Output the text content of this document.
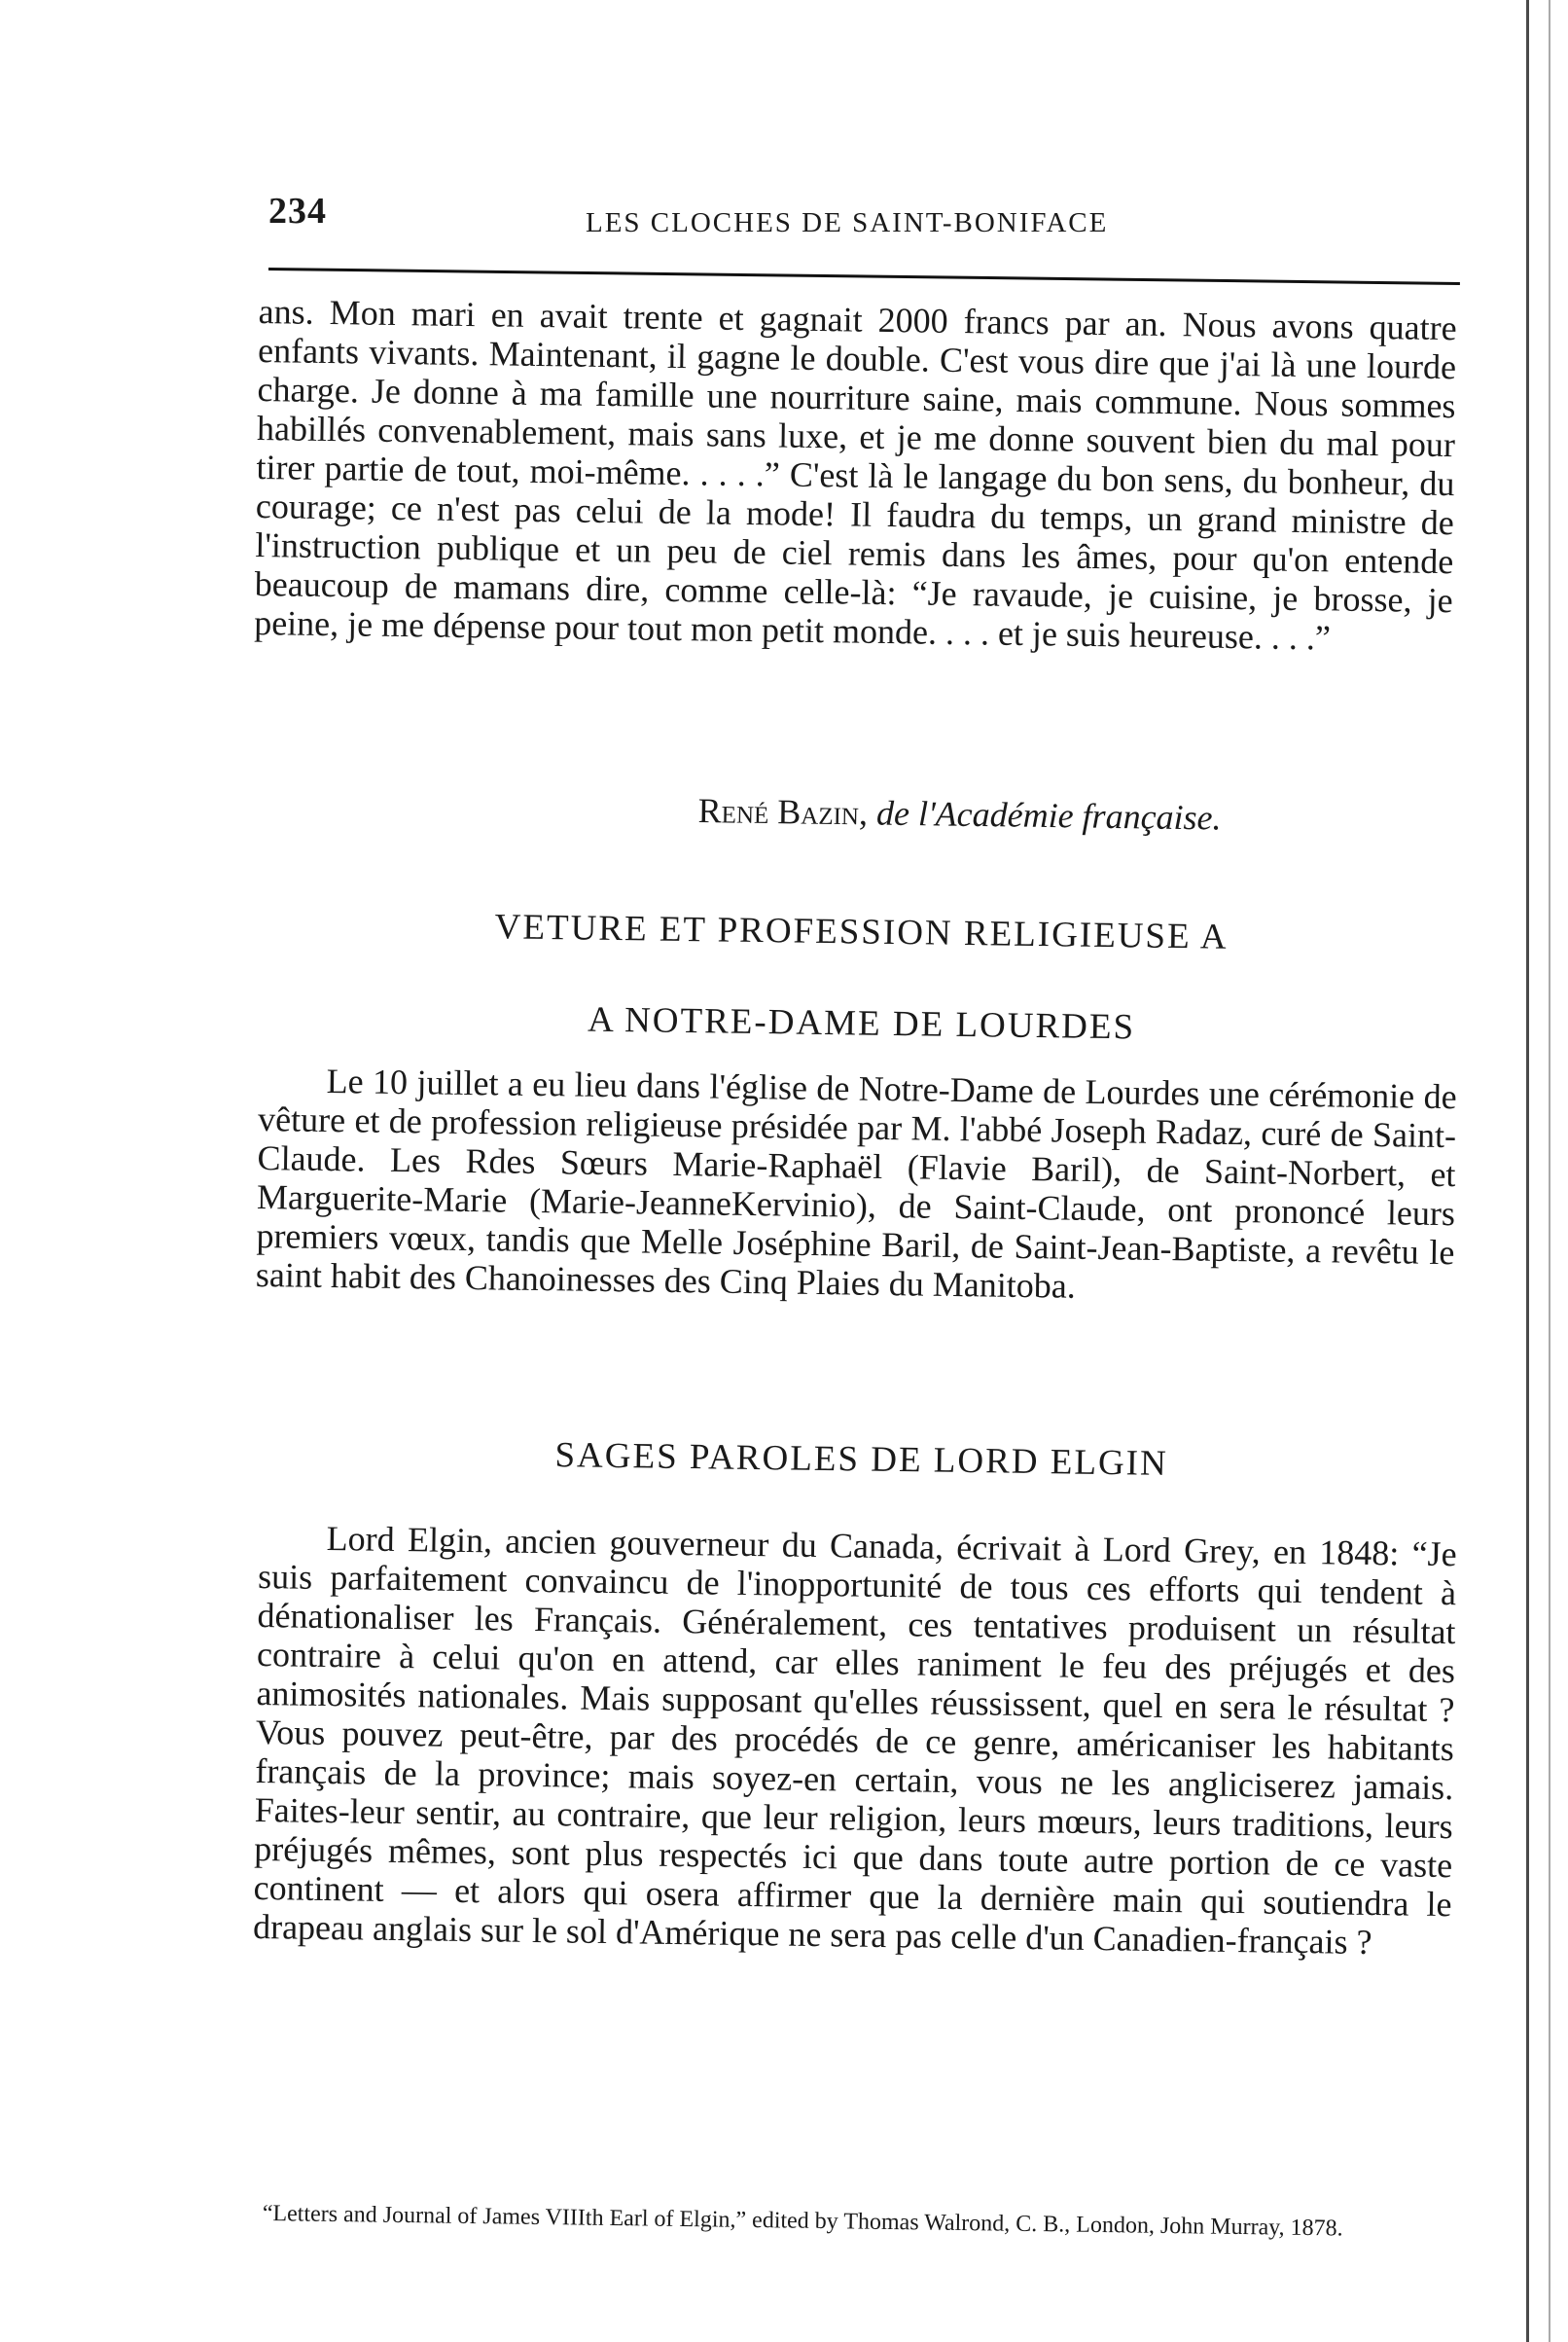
234	LES CLOCHES DE SAINT-BONIFACE

ans. Mon mari en avait trente et gagnait 2000 francs par an. Nous avons quatre enfants vivants. Maintenant, il gagne le double. C'est vous dire que j'ai là une lourde charge. Je donne à ma famille une nourriture saine, mais commune. Nous sommes habillés convenablement, mais sans luxe, et je me donne souvent bien du mal pour tirer partie de tout, moi-même. . . . .” C'est là le langage du bon sens, du bonheur, du courage; ce n'est pas celui de la mode! Il faudra du temps, un grand ministre de l'instruction publique et un peu de ciel remis dans les âmes, pour qu'on entende beaucoup de mamans dire, comme celle-là: “Je ravaude, je cuisine, je brosse, je peine, je me dépense pour tout mon petit monde. . . . et je suis heureuse. . . .”

René Bazin, de l'Académie française.
VETURE ET PROFESSION RELIGIEUSE A
A NOTRE-DAME DE LOURDES

Le 10 juillet a eu lieu dans l'église de Notre-Dame de Lourdes une cérémonie de vêture et de profession religieuse présidée par M. l'abbé Joseph Radaz, curé de Saint-Claude. Les Rdes Sœurs Marie-Raphaël (Flavie Baril), de Saint-Norbert, et Marguerite-Marie (Marie-JeanneKervinio), de Saint-Claude, ont prononcé leurs premiers vœux, tandis que Melle Joséphine Baril, de Saint-Jean-Baptiste, a revêtu le saint habit des Chanoinesses des Cinq Plaies du Manitoba.

SAGES PAROLES DE LORD ELGIN

Lord Elgin, ancien gouverneur du Canada, écrivait à Lord Grey, en 1848: “Je suis parfaitement convaincu de l'inopportunité de tous ces efforts qui tendent à dénationaliser les Français. Généralement, ces tentatives produisent un résultat contraire à celui qu'on en attend, car elles raniment le feu des préjugés et des animosités nationales. Mais supposant qu'elles réussissent, quel en sera le résultat ? Vous pouvez peut-être, par des procédés de ce genre, américaniser les habitants français de la province; mais soyez-en certain, vous ne les angliciserez jamais. Faites-leur sentir, au contraire, que leur religion, leurs mœurs, leurs traditions, leurs préjugés mêmes, sont plus respectés ici que dans toute autre portion de ce vaste continent — et alors qui osera affirmer que la dernière main qui soutiendra le drapeau anglais sur le sol d'Amérique ne sera pas celle d'un Canadien-français ?

“Letters and Journal of James VIIIth Earl of Elgin,” edited by Thomas Walrond, C. B., London, John Murray, 1878.
